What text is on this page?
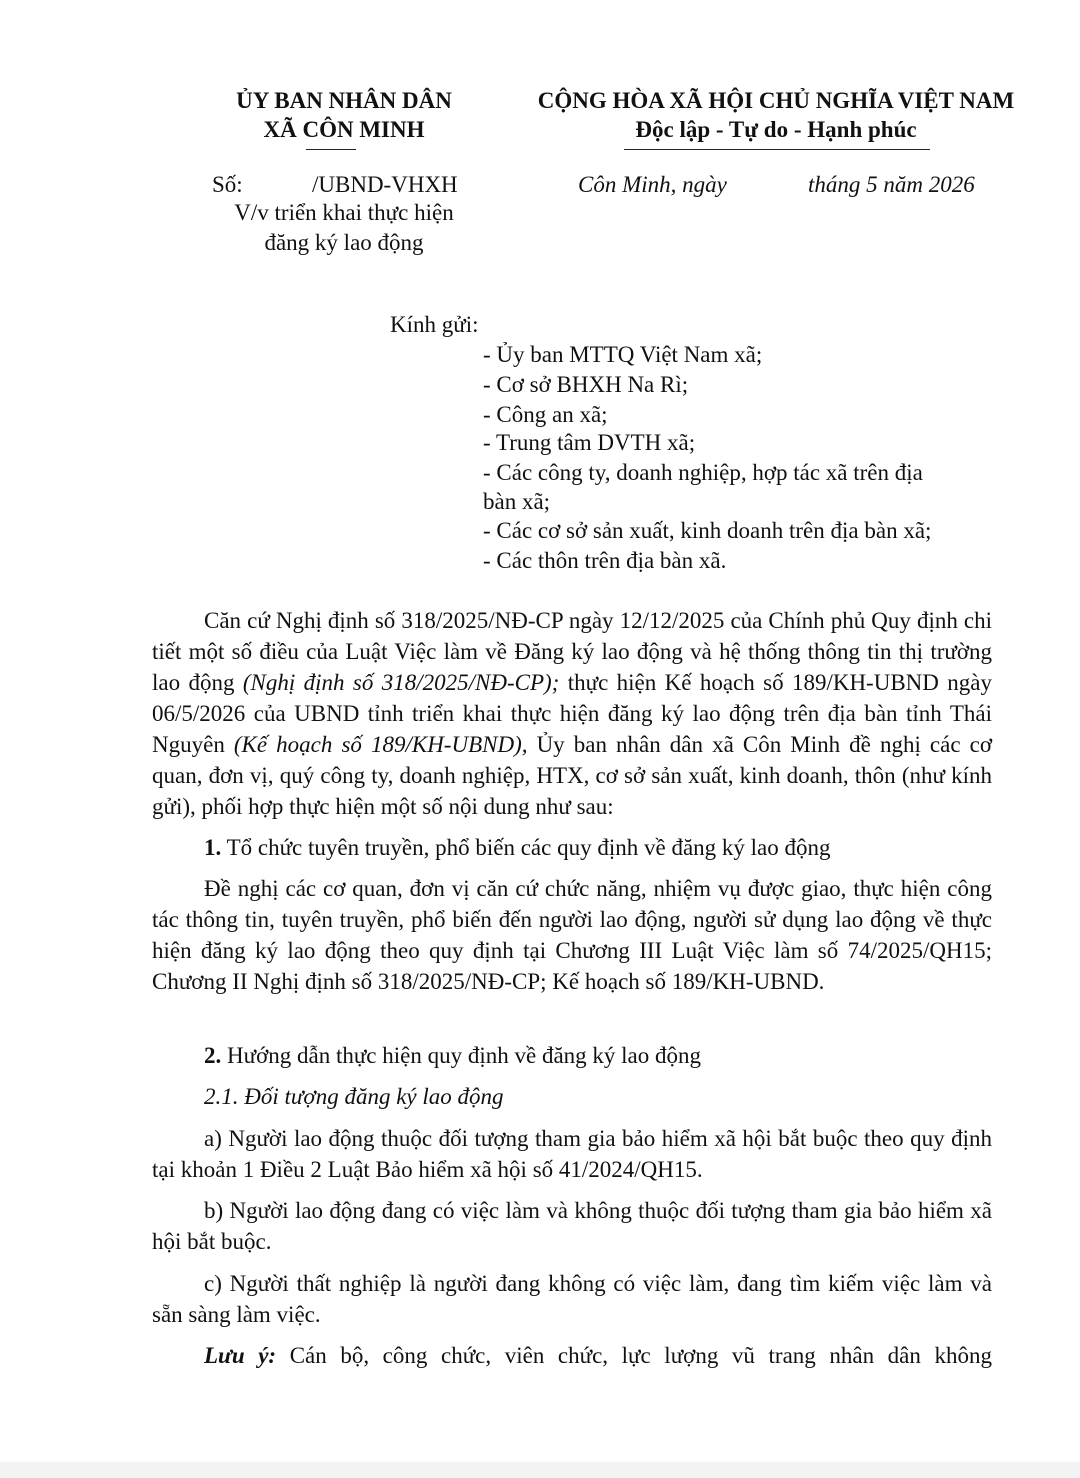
ỦY BAN NHÂN DÂN
XÃ CÔN MINH
CỘNG HÒA XÃ HỘI CHỦ NGHĨA VIỆT NAM
Độc lập - Tự do - Hạnh phúc
Số:	/UBND-VHXH	Côn Minh, ngày	tháng 5 năm 2026
V/v triển khai thực hiện
đăng ký lao động
Kính gửi:
- Ủy ban MTTQ Việt Nam xã;
- Cơ sở BHXH Na Rì;
- Công an xã;
- Trung tâm DVTH xã;
- Các công ty, doanh nghiệp, hợp tác xã trên địa
bàn xã;
- Các cơ sở sản xuất, kinh doanh trên địa bàn xã;
- Các thôn trên địa bàn xã.
Căn cứ Nghị định số 318/2025/NĐ-CP ngày 12/12/2025 của Chính phủ Quy định chi tiết một số điều của Luật Việc làm về Đăng ký lao động và hệ thống thông tin thị trường lao động (Nghị định số 318/2025/NĐ-CP); thực hiện Kế hoạch số 189/KH-UBND ngày 06/5/2026 của UBND tỉnh triển khai thực hiện đăng ký lao động trên địa bàn tỉnh Thái Nguyên (Kế hoạch số 189/KH-UBND), Ủy ban nhân dân xã Côn Minh đề nghị các cơ quan, đơn vị, quý công ty, doanh nghiệp, HTX, cơ sở sản xuất, kinh doanh, thôn (như kính gửi), phối hợp thực hiện một số nội dung như sau:
1. Tổ chức tuyên truyền, phổ biến các quy định về đăng ký lao động
Đề nghị các cơ quan, đơn vị căn cứ chức năng, nhiệm vụ được giao, thực hiện công tác thông tin, tuyên truyền, phổ biến đến người lao động, người sử dụng lao động về thực hiện đăng ký lao động theo quy định tại Chương III Luật Việc làm số 74/2025/QH15; Chương II Nghị định số 318/2025/NĐ-CP; Kế hoạch số 189/KH-UBND.
2. Hướng dẫn thực hiện quy định về đăng ký lao động
2.1. Đối tượng đăng ký lao động
a) Người lao động thuộc đối tượng tham gia bảo hiểm xã hội bắt buộc theo quy định tại khoản 1 Điều 2 Luật Bảo hiểm xã hội số 41/2024/QH15.
b) Người lao động đang có việc làm và không thuộc đối tượng tham gia bảo hiểm xã hội bắt buộc.
c) Người thất nghiệp là người đang không có việc làm, đang tìm kiếm việc làm và sẵn sàng làm việc.
Lưu ý: Cán bộ, công chức, viên chức, lực lượng vũ trang nhân dân không
